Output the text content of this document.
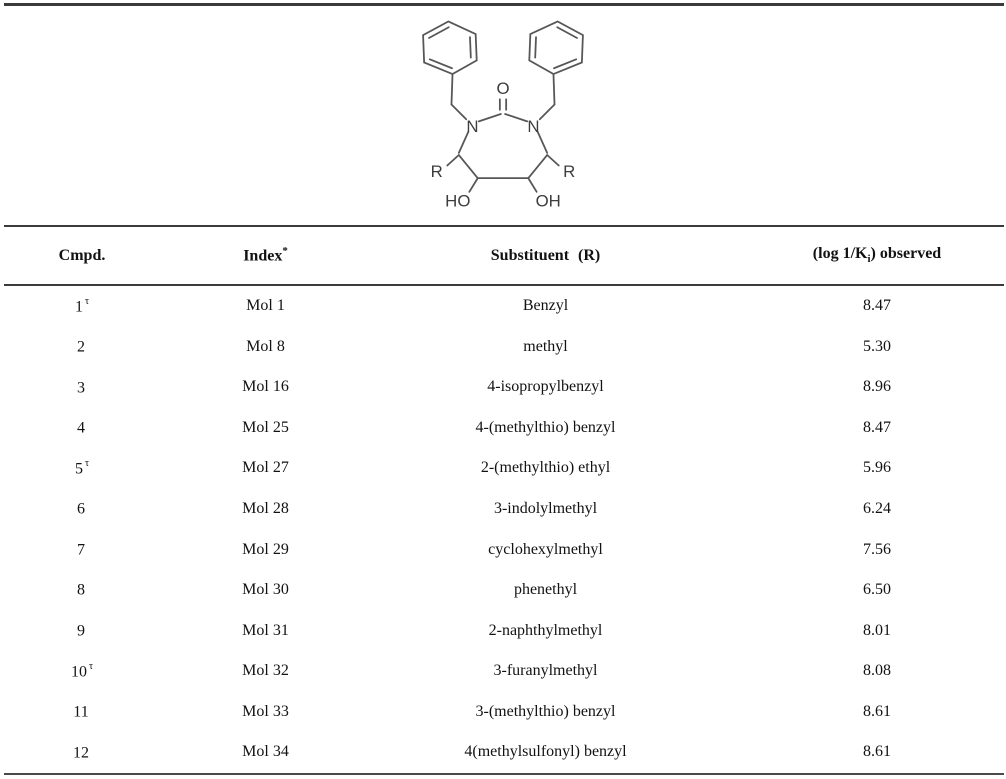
O
N	N
R	R
HO	OH
Cmpd.	Index*	Substituent (R)	(log $1/K_i$) observed
1 $^\tau$	Mol 1	Benzyl	8.47
2	Mol 8	methyl	5.30
3	Mol 16	4-isopropylbenzyl	8.96
4	Mol 25	4-(methylthio) benzyl	8.47
5 $^\tau$	Mol 27	2-(methylthio) ethyl	5.96
6	Mol 28	3-indolylmethyl	6.24
7	Mol 29	cyclohexylmethyl	7.56
8	Mol 30	phenethyl	6.50
9	Mol 31	2-naphthylmethyl	8.01
10 $^\tau$	Mol 32	3-furanylmethyl	8.08
11	Mol 33	3-(methylthio) benzyl	8.61
12	Mol 34	4(methylsulfonyl) benzyl	8.61
